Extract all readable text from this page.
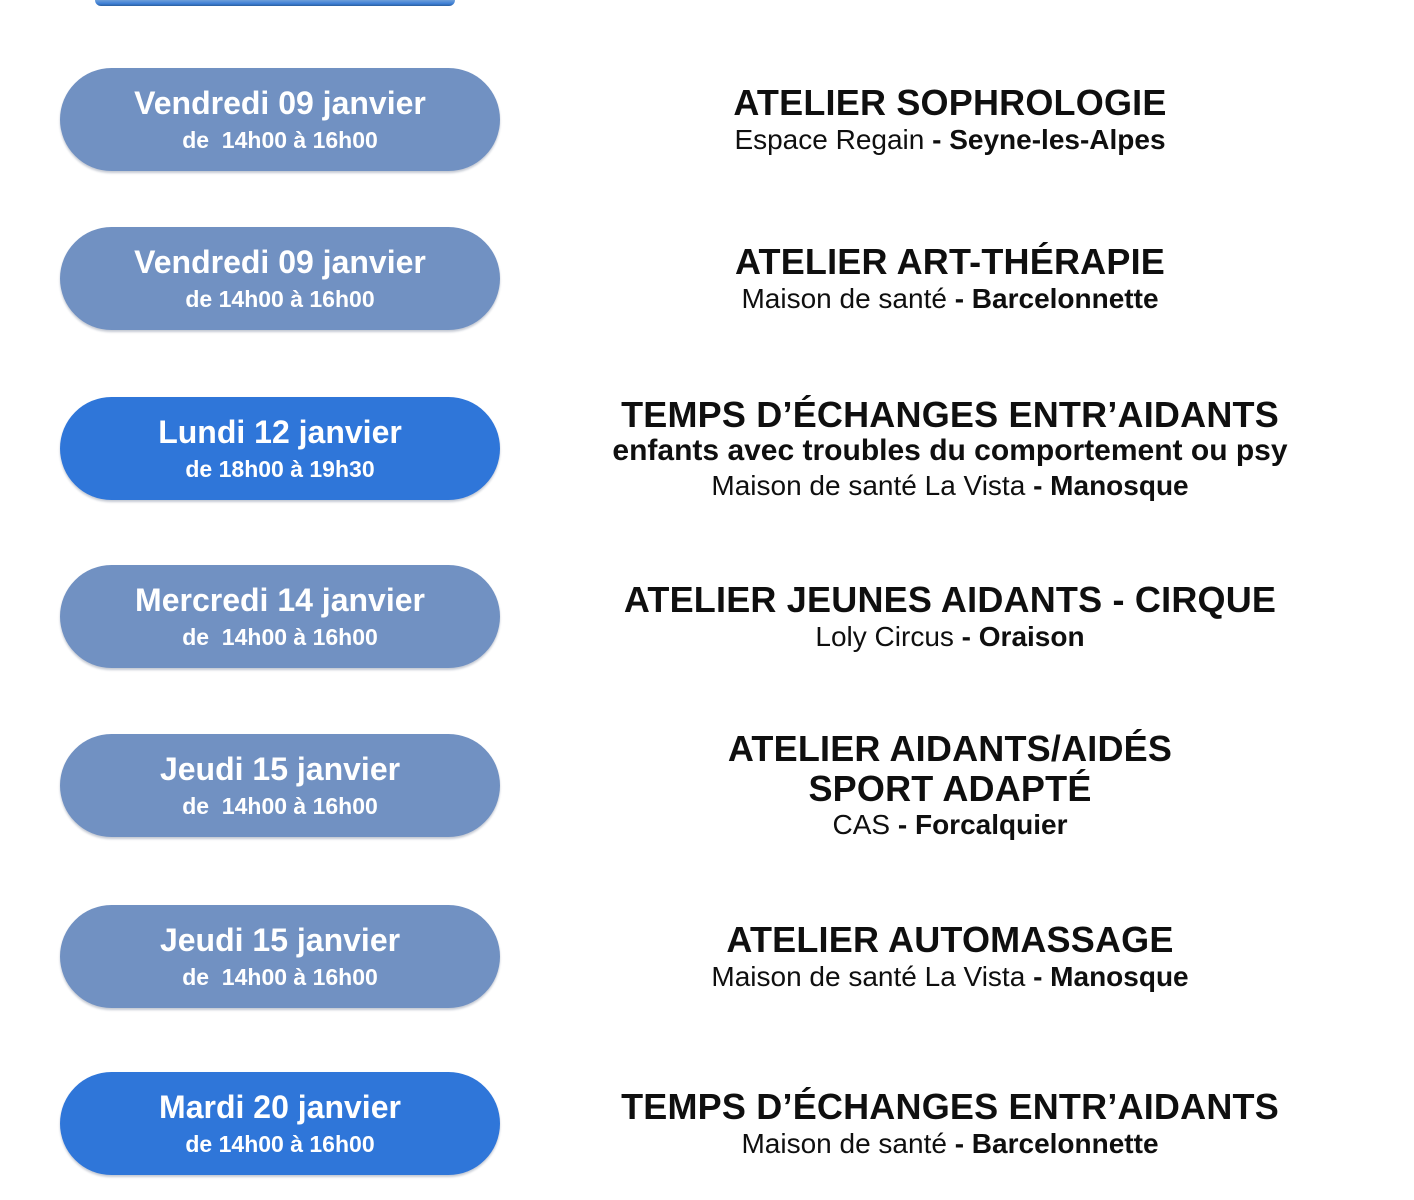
Vendredi 09 janvier
de  14h00 à 16h00
ATELIER SOPHROLOGIE
Espace Regain - Seyne-les-Alpes
Vendredi 09 janvier
de 14h00 à 16h00
ATELIER ART-THÉRAPIE
Maison de santé - Barcelonnette
Lundi 12 janvier
de 18h00 à 19h30
TEMPS D’ÉCHANGES ENTR’AIDANTS
enfants avec troubles du comportement ou psy
Maison de santé La Vista - Manosque
Mercredi 14 janvier
de  14h00 à 16h00
ATELIER JEUNES AIDANTS - CIRQUE
Loly Circus - Oraison
Jeudi 15 janvier
de  14h00 à 16h00
ATELIER AIDANTS/AIDÉS
SPORT ADAPTÉ
CAS - Forcalquier
Jeudi 15 janvier
de  14h00 à 16h00
ATELIER AUTOMASSAGE
Maison de santé La Vista - Manosque
Mardi 20 janvier
de 14h00 à 16h00
TEMPS D’ÉCHANGES ENTR’AIDANTS
Maison de santé - Barcelonnette
